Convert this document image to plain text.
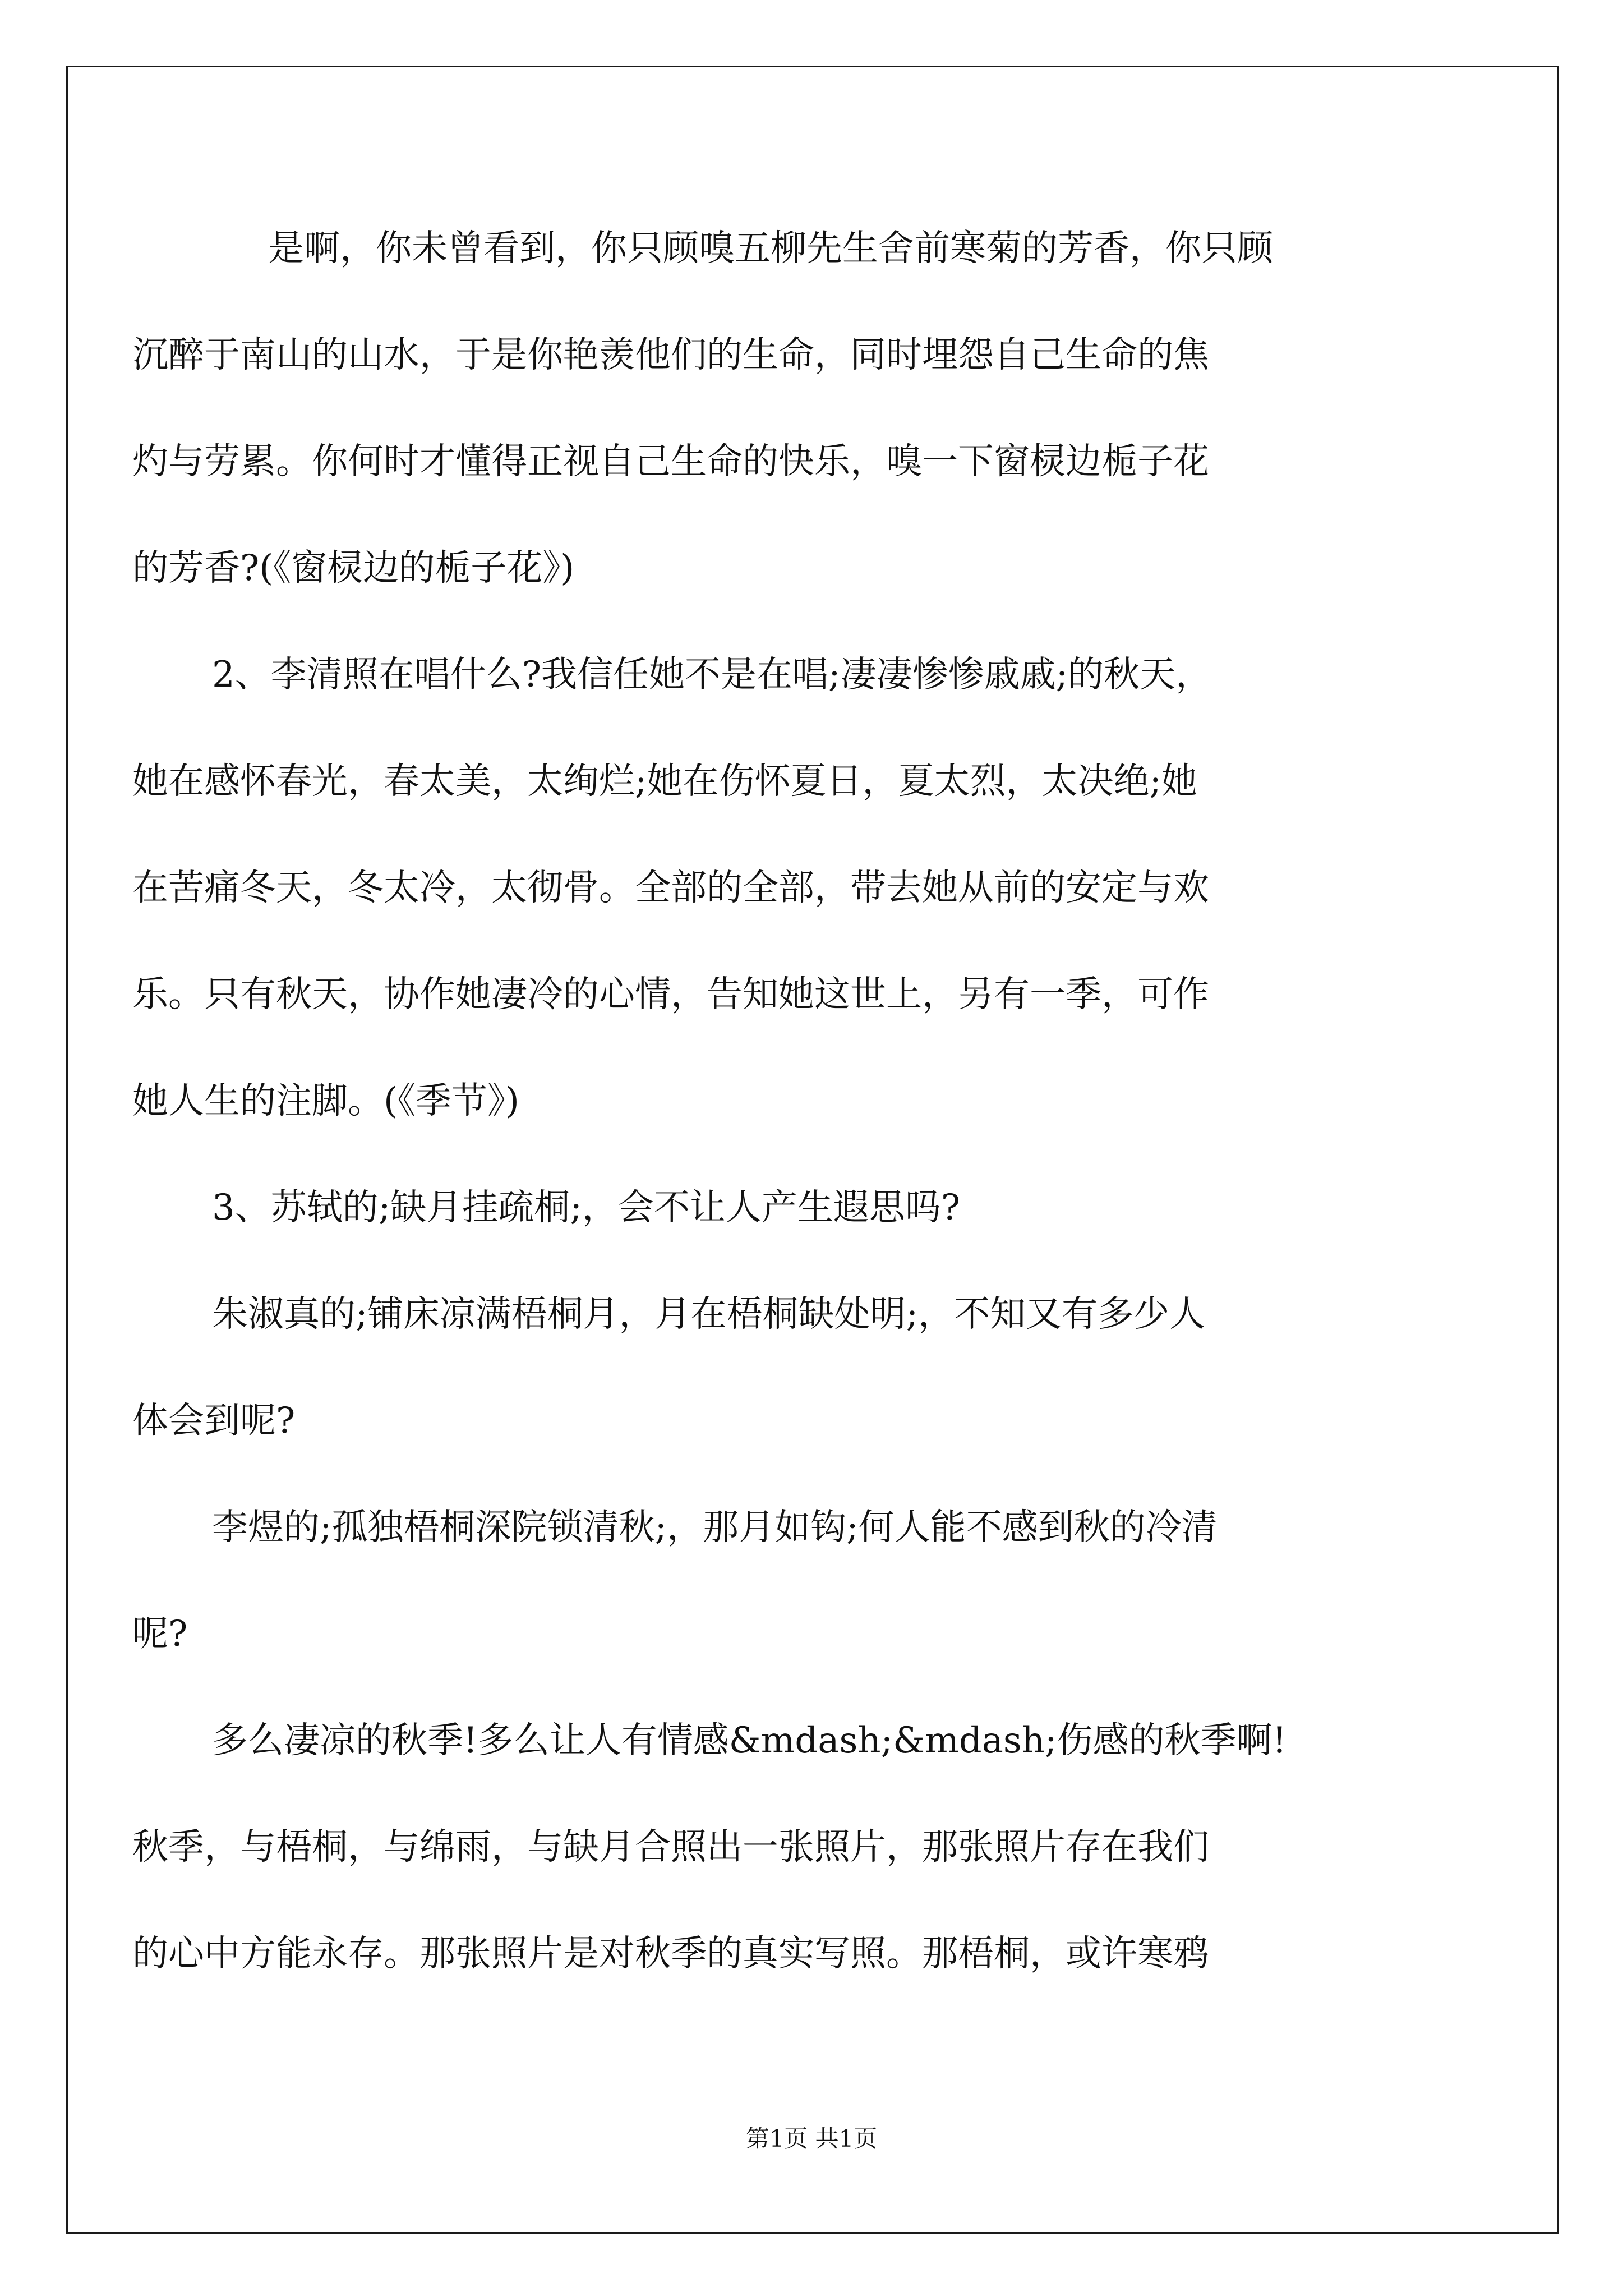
是啊，你未曾看到，你只顾嗅五柳先生舍前寒菊的芳香，你只顾
沉醉于南山的山水，于是你艳羡他们的生命，同时埋怨自己生命的焦
灼与劳累。你何时才懂得正视自己生命的快乐，嗅一下窗棂边栀子花
的芳香?(《窗棂边的栀子花》)
2、李清照在唱什么?我信任她不是在唱;凄凄惨惨戚戚;的秋天，
她在感怀春光，春太美，太绚烂;她在伤怀夏日，夏太烈，太决绝;她
在苦痛冬天，冬太冷，太彻骨。全部的全部，带去她从前的安定与欢
乐。只有秋天，协作她凄冷的心情，告知她这世上，另有一季，可作
她人生的注脚。(《季节》)
3、苏轼的;缺月挂疏桐;，会不让人产生遐思吗?
朱淑真的;铺床凉满梧桐月，月在梧桐缺处明;，不知又有多少人
体会到呢?
李煜的;孤独梧桐深院锁清秋;，那月如钩;何人能不感到秋的冷清
呢?
多么凄凉的秋季!多么让人有情感&mdash;&mdash;伤感的秋季啊!
秋季，与梧桐，与绵雨，与缺月合照出一张照片，那张照片存在我们
的心中方能永存。那张照片是对秋季的真实写照。那梧桐，或许寒鸦
第1页 共1页
